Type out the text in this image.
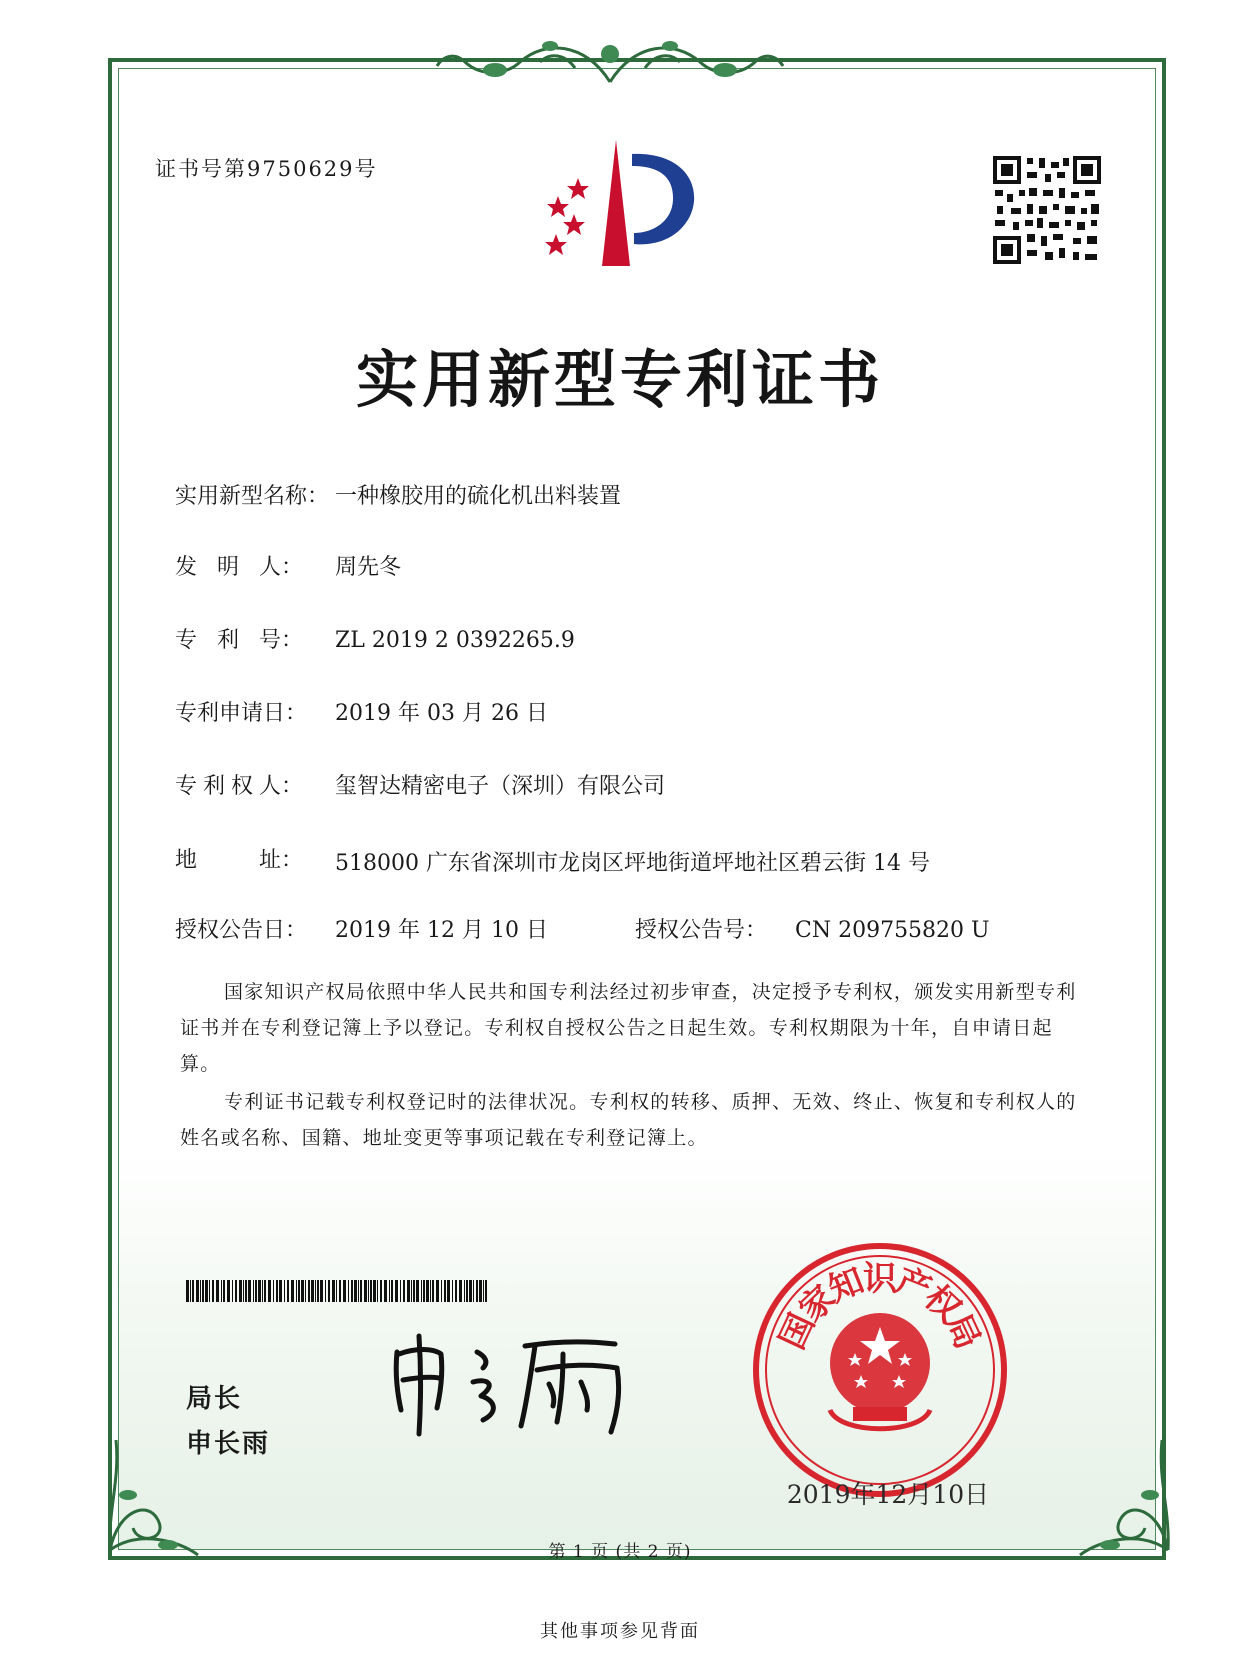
证书号第9750629号
实用新型专利证书
实用新型名称： 一种橡胶用的硫化机出料装置
发 明 人： 周先冬
专 利 号： ZL 2019 2 0392265.9
专利申请日： 2019 年 03 月 26 日
专 利 权 人： 玺智达精密电子（深圳）有限公司
地	址： 518000 广东省深圳市龙岗区坪地街道坪地社区碧云街 14 号
授权公告日： 2019 年 12 月 10 日	授权公告号： CN 209755820 U
国家知识产权局依照中华人民共和国专利法经过初步审查，决定授予专利权，颁发实用新型专利证书并在专利登记簿上予以登记。专利权自授权公告之日起生效。专利权期限为十年，自申请日起算。
专利证书记载专利权登记时的法律状况。专利权的转移、质押、无效、终止、恢复和专利权人的姓名或名称、国籍、地址变更等事项记载在专利登记簿上。
局长
申长雨
国
家
知
识
产
权
局
2019年12月10日
第 1 页 (共 2 页)
其他事项参见背面
